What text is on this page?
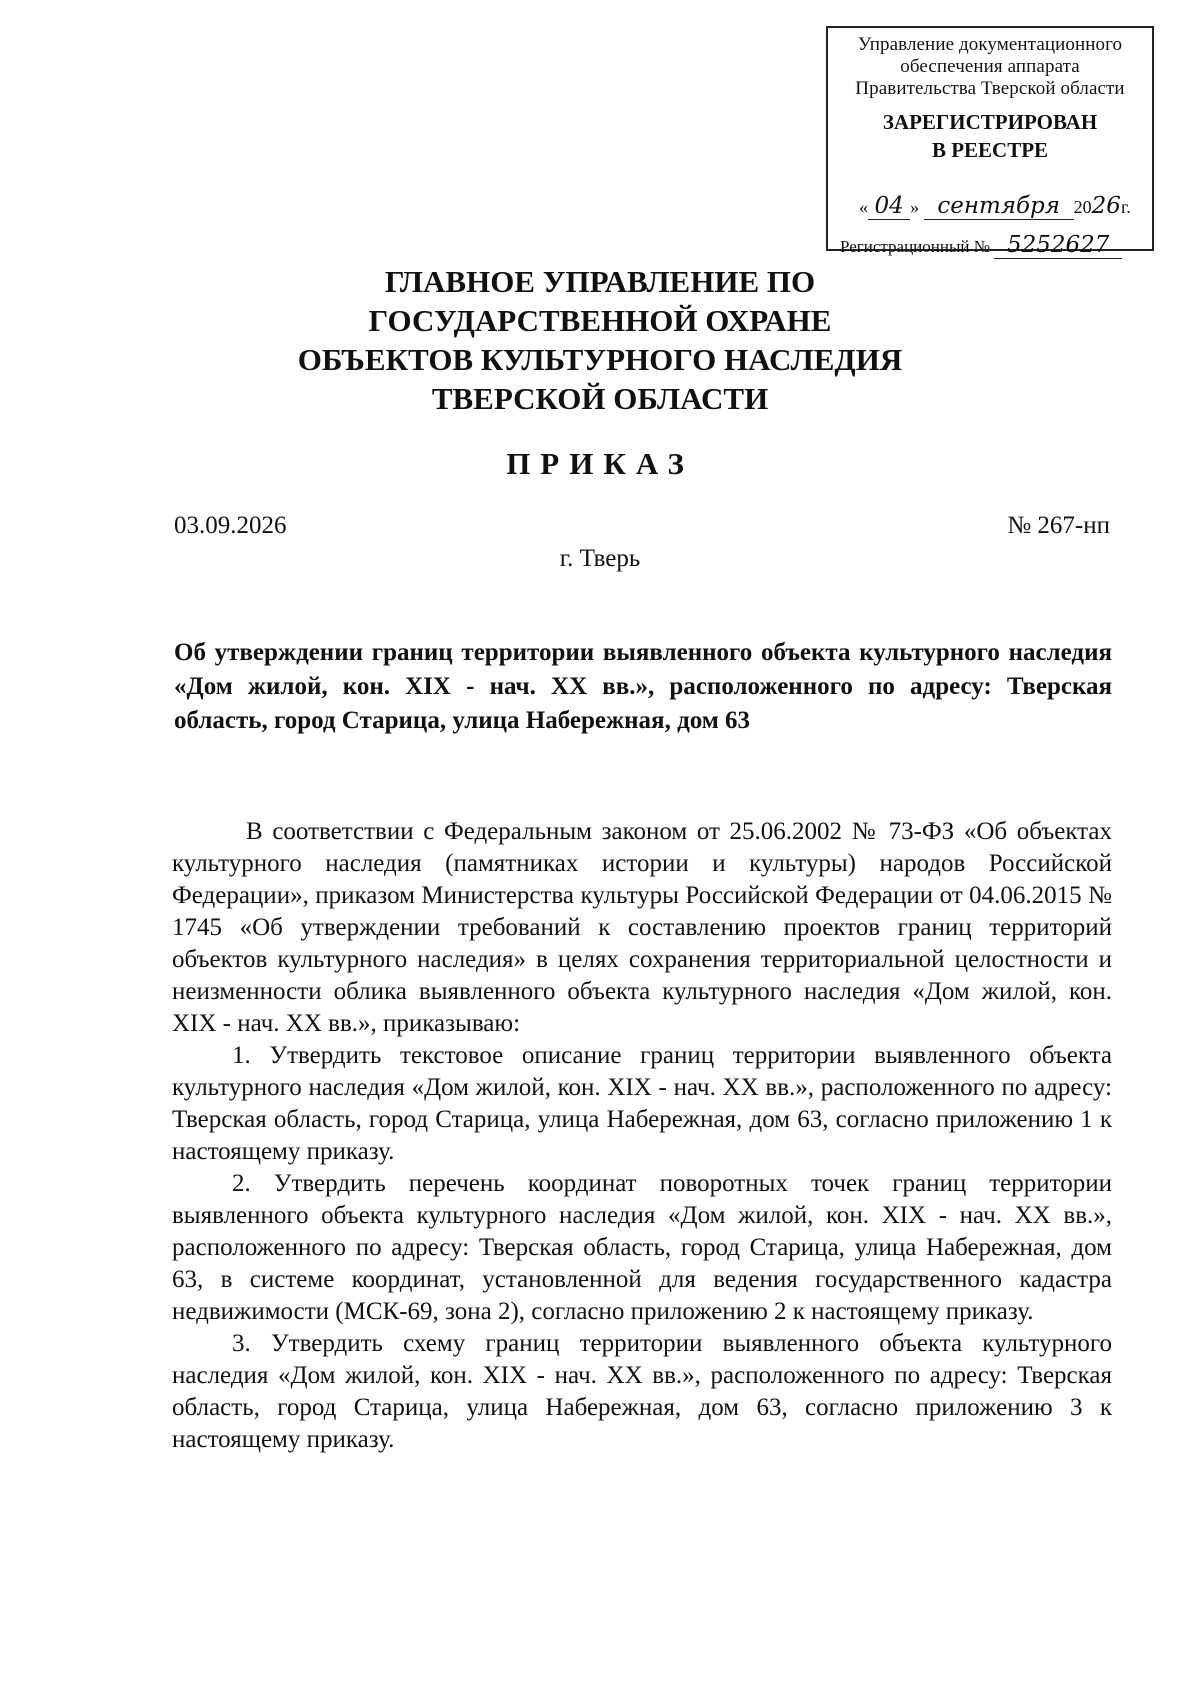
Управление документационного
обеспечения аппарата
Правительства Тверской области
ЗАРЕГИСТРИРОВАН
В РЕЕСТРЕ
« 04 » сентября 2026г.
Регистрационный № 5252627
ГЛАВНОЕ УПРАВЛЕНИЕ ПО
ГОСУДАРСТВЕННОЙ ОХРАНЕ
ОБЪЕКТОВ КУЛЬТУРНОГО НАСЛЕДИЯ
ТВЕРСКОЙ ОБЛАСТИ
ПРИКАЗ
03.09.2026	№ 267-нп
г. Тверь
Об утверждении границ территории выявленного объекта культурного наследия «Дом жилой, кон. XIX - нач. XX вв.», расположенного по адресу: Тверская область, город Старица, улица Набережная, дом 63

В соответствии с Федеральным законом от 25.06.2002 № 73-ФЗ «Об объектах культурного наследия (памятниках истории и культуры) народов Российской Федерации», приказом Министерства культуры Российской Федерации от 04.06.2015 № 1745 «Об утверждении требований к составлению проектов границ территорий объектов культурного наследия» в целях сохранения территориальной целостности и неизменности облика выявленного объекта культурного наследия «Дом жилой, кон. XIX - нач. XX вв.», приказываю:

1. Утвердить текстовое описание границ территории выявленного объекта культурного наследия «Дом жилой, кон. XIX - нач. XX вв.», расположенного по адресу: Тверская область, город Старица, улица Набережная, дом 63, согласно приложению 1 к настоящему приказу.

2. Утвердить перечень координат поворотных точек границ территории выявленного объекта культурного наследия «Дом жилой, кон. XIX - нач. XX вв.», расположенного по адресу: Тверская область, город Старица, улица Набережная, дом 63, в системе координат, установленной для ведения государственного кадастра недвижимости (МСК-69, зона 2), согласно приложению 2 к настоящему приказу.

3. Утвердить схему границ территории выявленного объекта культурного наследия «Дом жилой, кон. XIX - нач. XX вв.», расположенного по адресу: Тверская область, город Старица, улица Набережная, дом 63, согласно приложению 3 к настоящему приказу.
